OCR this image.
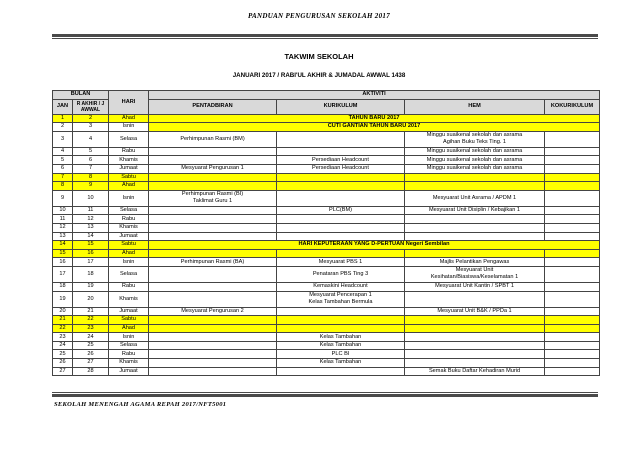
PANDUAN PENGURUSAN SEKOLAH 2017
TAKWIM SEKOLAH
JANUARI 2017 / RABI'UL AKHIR & JUMADAL AWWAL 1438
BULAN		HARI	AKTIVITI			
JAN	R AKHIR / J AWWAL		PENTADBIRAN	KURIKULUM	HEM	KOKURIKULUM
1	2	Ahad	TAHUN BARU 2017			
2	3	Isnin	CUTI GANTIAN TAHUN BARU 2017			
3	4	Selasa	Perhimpunan Rasmi (BM)		Minggu suaikenal sekolah dan asrama
Agihan Buku Teks Ting. 1	

4	5	Rabu			Minggu suaikenal sekolah dan asrama	
5	6	Khamis		Persediaan Headcount	Minggu suaikenal sekolah dan asrama	
6	7	Jumaat	Mesyuarat Pengurusan 1	Persediaan Headcount	Minggu suaikenal sekolah dan asrama	
7	8	Sabtu				
8	9	Ahad				
9	10	Isnin	Perhimpunan Rasmi (BI)
Taklimat Guru 1		Mesyuarat Unit Asrama / APDM 1	
10	11	Selasa		PLC(BM)	Mesyuarat Unit Disiplin / Kebajikan 1	
11	12	Rabu				
12	13	Khamis				
13	14	Jumaat				
14	15	Sabtu	HARI KEPUTERAAN YANG D-PERTUAN Negeri Sembilan			
15	16	Ahad				
16	17	Isnin	Perhimpunan Rasmi (BA)	Mesyuarat PBS 1	Majlis Pelantikan Pengawas	
17	18	Selasa		Penataran PBS Ting 3	Mesyuarat Unit
Kesihatan/Biasiswa/Keselamatan 1	

18	19	Rabu		Kemaskini Headcount	Mesyuarat Unit Kantin / SPBT 1	
19	20	Khamis		Mesyuarat Pencerapan 1
Kelas Tambahan Bermula		

20	21	Jumaat	Mesyuarat Pengurusan 2		Mesyuarat Unit B&K / PPDa 1	
21	22	Sabtu				
22	23	Ahad				
23	24	Isnin		Kelas Tambahan		
24	25	Selasa		Kelas Tambahan		
25	26	Rabu		PLC BI		
26	27	Khamis		Kelas Tambahan		
27	28	Jumaat			Semak Buku Daftar Kehadiran Murid	
SEKOLAH MENENGAH AGAMA REPAH 2017/NFT5001
